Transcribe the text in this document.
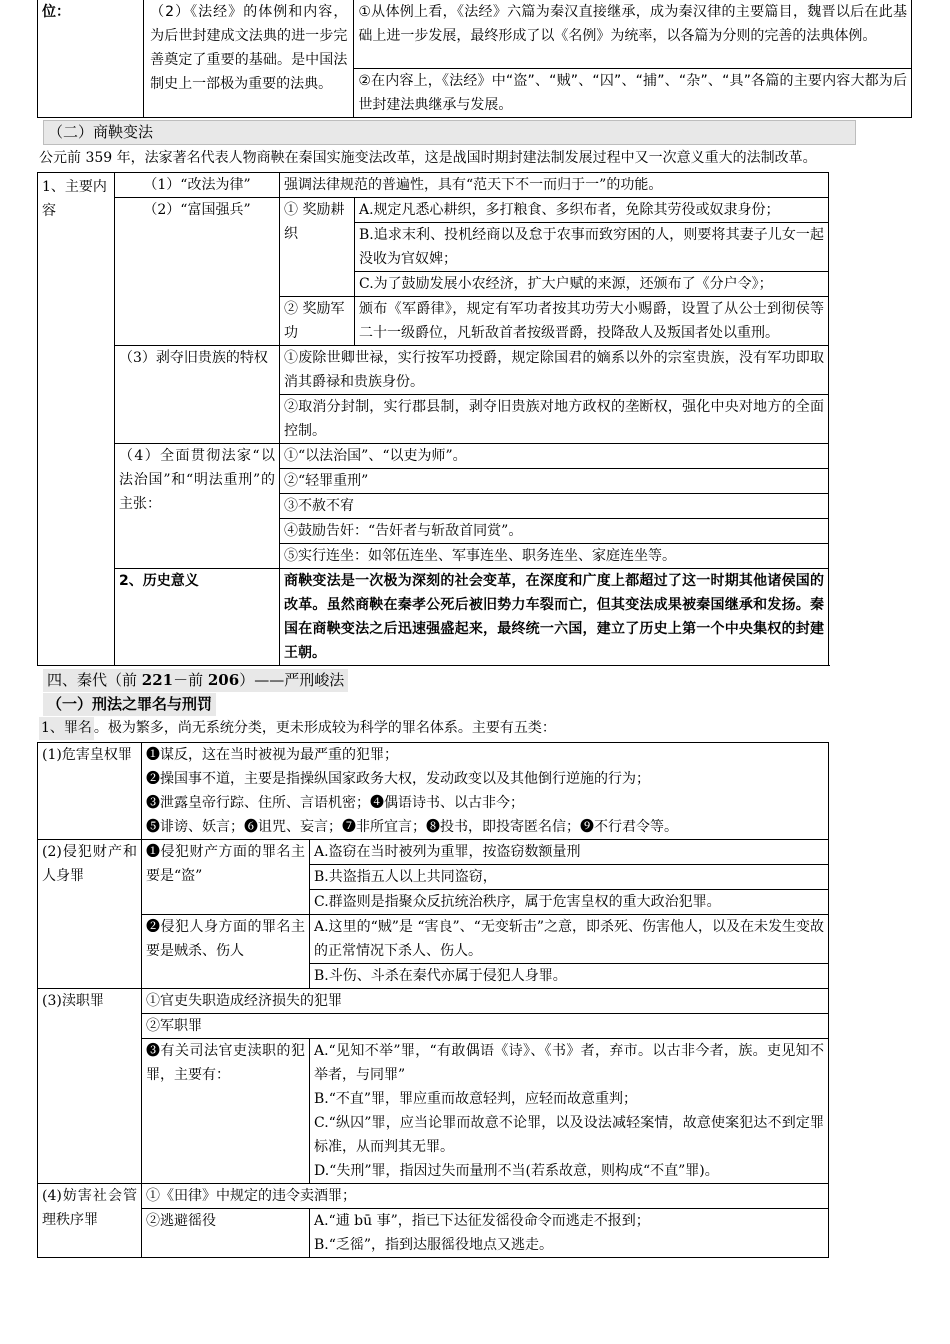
位：	（2）《法经》的体例和内容，为后世封建成文法典的进一步完善奠定了重要的基础。是中国法制史上一部极为重要的法典。	①从体例上看，《法经》六篇为秦汉直接继承，成为秦汉律的主要篇目，魏晋以后在此基础上进一步发展，最终形成了以《名例》为统率，以各篇为分则的完善的法典体例。
②在内容上，《法经》中“盗”、“贼”、“囚”、“捕”、“杂”、“具”各篇的主要内容大都为后世封建法典继承与发展。
（二）商鞅变法

公元前 359 年，法家著名代表人物商鞅在秦国实施变法改革，这是战国时期封建法制发展过程中又一次意义重大的法制改革。

1、主要内容	（1）“改法为律”	强调法律规范的普遍性，具有“范天下不一而归于一”的功能。	
	（2）“富国强兵”	① 奖励耕织	A.规定凡悉心耕织，多打粮食、多织布者，免除其劳役或奴隶身份；
			B.追求末利、投机经商以及怠于农事而致穷困的人，则要将其妻子儿女一起没收为官奴婢；
			C.为了鼓励发展小农经济，扩大户赋的来源，还颁布了《分户令》；
		② 奖励军功	颁布《军爵律》，规定有军功者按其功劳大小赐爵，设置了从公士到彻侯等二十一级爵位，凡斩敌首者按级晋爵，投降敌人及叛国者处以重刑。
	（3）剥夺旧贵族的特权	①废除世卿世禄，实行按军功授爵，规定除国君的嫡系以外的宗室贵族，没有军功即取消其爵禄和贵族身份。	
		②取消分封制，实行郡县制，剥夺旧贵族对地方政权的垄断权，强化中央对地方的全面控制。	
	（4）全面贯彻法家“以法治国”和“明法重刑”的主张：	①“以法治国”、“以吏为师”。	
		②“轻罪重刑”	
		③不赦不宥	
		④鼓励告奸：“告奸者与斩敌首同赏”。	
		⑤实行连坐：如邻伍连坐、军事连坐、职务连坐、家庭连坐等。	
	2、历史意义	商鞅变法是一次极为深刻的社会变革，在深度和广度上都超过了这一时期其他诸侯国的改革。虽然商鞅在秦孝公死后被旧势力车裂而亡，但其变法成果被秦国继承和发扬。秦国在商鞅变法之后迅速强盛起来，最终统一六国，建立了历史上第一个中央集权的封建王朝。	
四、秦代（前 221－前 206）——严刑峻法
（一）刑法之罪名与刑罚

1、罪名 。极为繁多，尚无系统分类，更未形成较为科学的罪名体系。主要有五类：

(1)危害皇权罪	❶谋反，这在当时被视为最严重的犯罪；
❷操国事不道，主要是指操纵国家政务大权，发动政变以及其他倒行逆施的行为；
❸泄露皇帝行踪、住所、言语机密；❹偶语诗书、以古非今；
❺诽谤、妖言；❻诅咒、妄言；❼非所宜言；❽投书，即投寄匿名信；❾不行君令等。	

(2)侵犯财产和人身罪	❶侵犯财产方面的罪名主要是“盗”	A.盗窃在当时被列为重罪，按盗窃数额量刑
		B.共盗指五人以上共同盗窃，
		C.群盗则是指聚众反抗统治秩序，属于危害皇权的重大政治犯罪。
	❷侵犯人身方面的罪名主要是贼杀、伤人	A.这里的“贼”是 “害良”、“无变斩击”之意，即杀死、伤害他人，以及在未发生变故的正常情况下杀人、伤人。
		B.斗伤、斗杀在秦代亦属于侵犯人身罪。
(3)渎职罪	①官吏失职造成经济损失的犯罪	
	②军职罪	
	❸有关司法官吏渎职的犯罪，主要有：	A.“见知不举”罪，“有敢偶语《诗》、《书》者，弃市。以古非今者，族。吏见知不举者，与同罪”
B.“不直”罪，罪应重而故意轻判，应轻而故意重判；
C.“纵囚”罪，应当论罪而故意不论罪，以及设法减轻案情，故意使案犯达不到定罪标准，从而判其无罪。
D.“失刑”罪，指因过失而量刑不当(若系故意，则构成“不直”罪)。

(4)妨害社会管理秩序罪	①《田律》中规定的违令卖酒罪；	
	②逃避徭役	A.“逋 bū 事”，指已下达征发徭役命令而逃走不报到；
B.“乏徭”，指到达服徭役地点又逃走。
